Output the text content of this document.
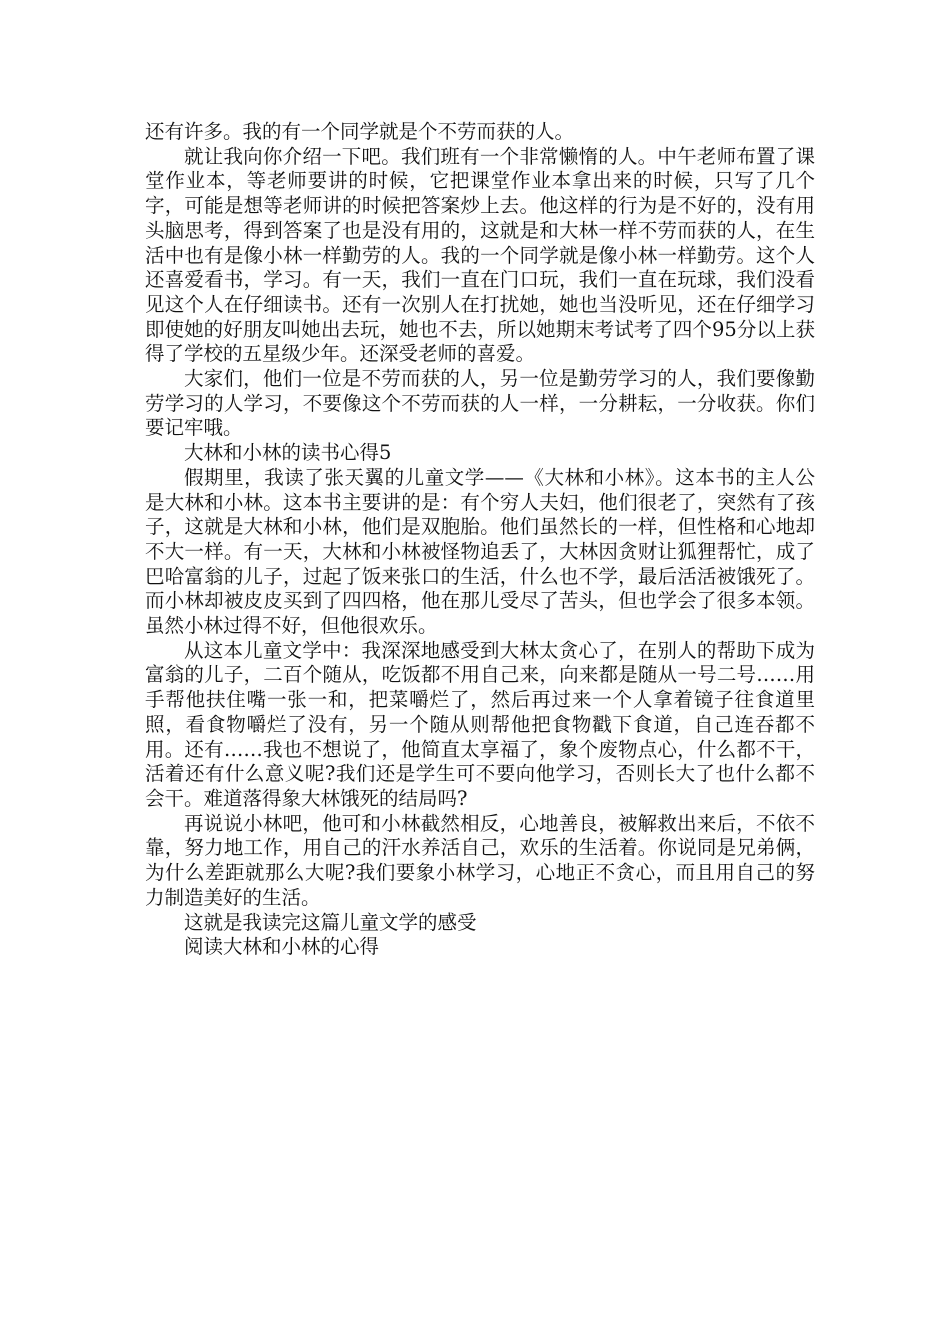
还有许多。我的有一个同学就是个不劳而获的人。

就让我向你介绍一下吧。我们班有一个非常懒惰的人。中午老师布置了课堂作业本，等老师要讲的时候，它把课堂作业本拿出来的时候，只写了几个字，可能是想等老师讲的时候把答案炒上去。他这样的行为是不好的，没有用头脑思考，得到答案了也是没有用的，这就是和大林一样不劳而获的人，在生活中也有是像小林一样勤劳的人。我的一个同学就是像小林一样勤劳。这个人还喜爱看书，学习。有一天，我们一直在门口玩，我们一直在玩球，我们没看见这个人在仔细读书。还有一次别人在打扰她，她也当没听见，还在仔细学习即使她的好朋友叫她出去玩，她也不去，所以她期末考试考了四个95分以上获得了学校的五星级少年。还深受老师的喜爱。

大家们，他们一位是不劳而获的人，另一位是勤劳学习的人，我们要像勤劳学习的人学习，不要像这个不劳而获的人一样，一分耕耘，一分收获。你们要记牢哦。

大林和小林的读书心得5

假期里，我读了张天翼的儿童文学——《大林和小林》。这本书的主人公是大林和小林。这本书主要讲的是：有个穷人夫妇，他们很老了，突然有了孩子，这就是大林和小林，他们是双胞胎。他们虽然长的一样，但性格和心地却不大一样。有一天，大林和小林被怪物追丢了，大林因贪财让狐狸帮忙，成了巴哈富翁的儿子，过起了饭来张口的生活，什么也不学，最后活活被饿死了。而小林却被皮皮买到了四四格，他在那儿受尽了苦头，但也学会了很多本领。虽然小林过得不好，但他很欢乐。

从这本儿童文学中：我深深地感受到大林太贪心了，在别人的帮助下成为富翁的儿子，二百个随从，吃饭都不用自己来，向来都是随从一号二号……用手帮他扶住嘴一张一和，把菜嚼烂了，然后再过来一个人拿着镜子往食道里照，看食物嚼烂了没有，另一个随从则帮他把食物戳下食道，自己连吞都不用。还有……我也不想说了，他简直太享福了，象个废物点心，什么都不干，活着还有什么意义呢?我们还是学生可不要向他学习，否则长大了也什么都不会干。难道落得象大林饿死的结局吗?

再说说小林吧，他可和小林截然相反，心地善良，被解救出来后，不依不靠，努力地工作，用自己的汗水养活自己，欢乐的生活着。你说同是兄弟俩，为什么差距就那么大呢?我们要象小林学习，心地正不贪心，而且用自己的努力制造美好的生活。

这就是我读完这篇儿童文学的感受

阅读大林和小林的心得
